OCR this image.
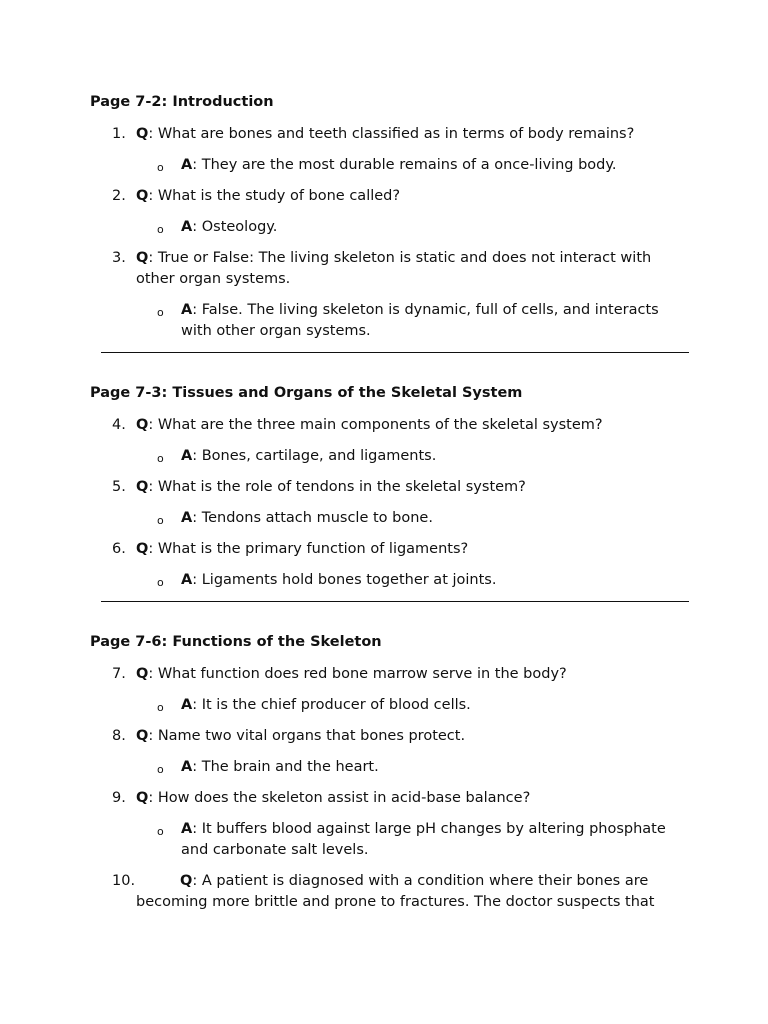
Page 7-2: Introduction
1. Q: What are bones and teeth classified as in terms of body remains?
o A: They are the most durable remains of a once-living body.
2. Q: What is the study of bone called?
o A: Osteology.
3. Q: True or False: The living skeleton is static and does not interact with other organ systems.
o A: False. The living skeleton is dynamic, full of cells, and interacts with other organ systems.
Page 7-3: Tissues and Organs of the Skeletal System
4. Q: What are the three main components of the skeletal system?
o A: Bones, cartilage, and ligaments.
5. Q: What is the role of tendons in the skeletal system?
o A: Tendons attach muscle to bone.
6. Q: What is the primary function of ligaments?
o A: Ligaments hold bones together at joints.
Page 7-6: Functions of the Skeleton
7. Q: What function does red bone marrow serve in the body?
o A: It is the chief producer of blood cells.
8. Q: Name two vital organs that bones protect.
o A: The brain and the heart.
9. Q: How does the skeleton assist in acid-base balance?
o A: It buffers blood against large pH changes by altering phosphate and carbonate salt levels.
10.	Q: A patient is diagnosed with a condition where their bones are becoming more brittle and prone to fractures. The doctor suspects that
